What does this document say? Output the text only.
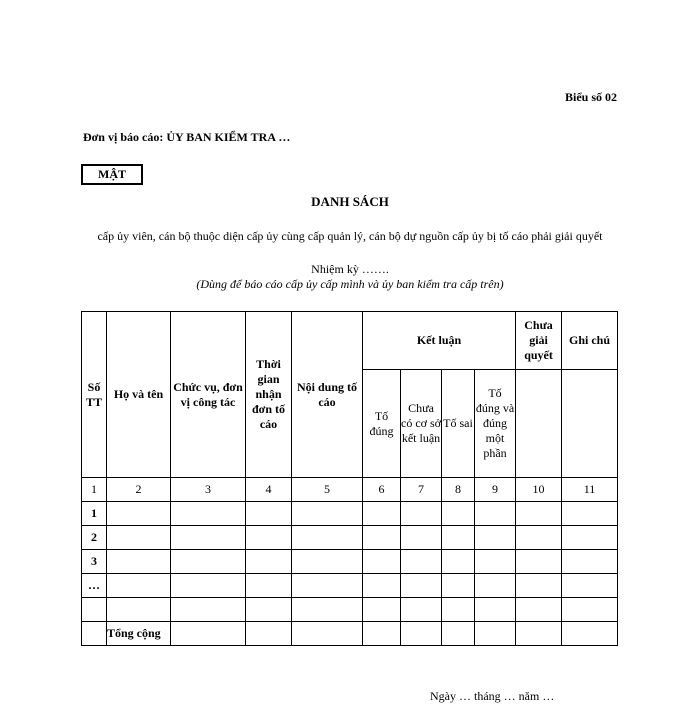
Biểu số 02
Đơn vị báo cáo: ỦY BAN KIỂM TRA …
MẬT
DANH SÁCH
cấp ủy viên, cán bộ thuộc diện cấp ủy cùng cấp quản lý, cán bộ dự nguồn cấp ủy bị tố cáo phải giải quyết
Nhiệm kỳ …….
(Dùng để báo cáo cấp ủy cấp mình và ủy ban kiểm tra cấp trên)
Số TT	Họ và tên	Chức vụ, đơn vị công tác	Thời gian nhận đơn tố cáo	Nội dung tố cáo	Kết luận				Chưa giải quyết	Ghi chú
					Tố đúng	Chưa có cơ sở kết luận	Tố sai	Tố đúng và đúng một phần		
1	2	3	4	5	6	7	8	9	10	11
1										
2										
3										
…										

	Tổng cộng									
Ngày … tháng … năm …
